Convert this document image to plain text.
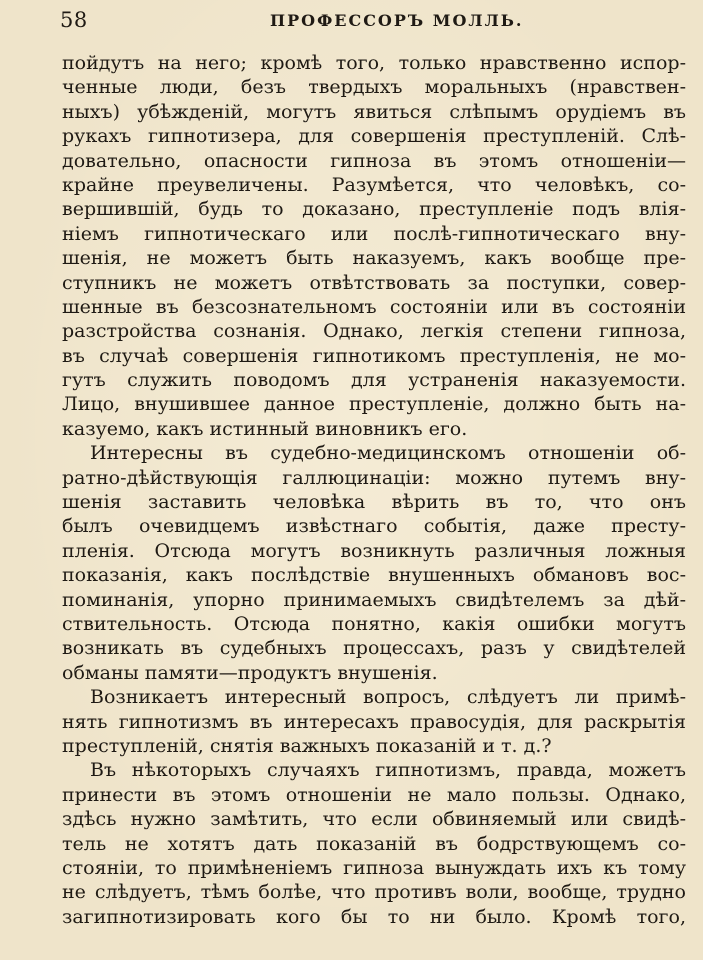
58	ПРОФЕССОРЪ МОЛЛЬ.
пойдутъ на него; кромѣ того, только нравственно испор-
ченные люди, безъ твердыхъ моральныхъ (нравствен-
ныхъ) убѣжденій, могутъ явиться слѣпымъ орудіемъ въ
рукахъ гипнотизера, для совершенія преступленій. Слѣ-
довательно, опасности гипноза въ этомъ отношеніи—
крайне преувеличены. Разумѣется, что человѣкъ, со-
вершившій, будь то доказано, преступленіе подъ влія-
ніемъ гипнотическаго или послѣ-гипнотическаго вну-
шенія, не можетъ быть наказуемъ, какъ вообще пре-
ступникъ не можетъ отвѣтствовать за поступки, совер-
шенные въ безсознательномъ состояніи или въ состояніи
разстройства сознанія. Однако, легкія степени гипноза,
въ случаѣ совершенія гипнотикомъ преступленія, не мо-
гутъ служить поводомъ для устраненія наказуемости.
Лицо, внушившее данное преступленіе, должно быть на-
казуемо, какъ истинный виновникъ его.
Интересны въ судебно-медицинскомъ отношеніи об-
ратно-дѣйствующія галлюцинаціи: можно путемъ вну-
шенія заставить человѣка вѣрить въ то, что онъ
былъ очевидцемъ извѣстнаго событія, даже престу-
пленія. Отсюда могутъ возникнуть различныя ложныя
показанія, какъ послѣдствіе внушенныхъ обмановъ вос-
поминанія, упорно принимаемыхъ свидѣтелемъ за дѣй-
ствительность. Отсюда понятно, какія ошибки могутъ
возникать въ судебныхъ процессахъ, разъ у свидѣтелей
обманы памяти—продуктъ внушенія.
Возникаетъ интересный вопросъ, слѣдуетъ ли примѣ-
нять гипнотизмъ въ интересахъ правосудія, для раскрытія
преступленій, снятія важныхъ показаній и т. д.?
Въ нѣкоторыхъ случаяхъ гипнотизмъ, правда, можетъ
принести въ этомъ отношеніи не мало пользы. Однако,
здѣсь нужно замѣтить, что если обвиняемый или свидѣ-
тель не хотятъ дать показаній въ бодрствующемъ со-
стояніи, то примѣненіемъ гипноза вынуждать ихъ къ тому
не слѣдуетъ, тѣмъ болѣе, что противъ воли, вообще, трудно
загипнотизировать кого бы то ни было. Кромѣ того,
